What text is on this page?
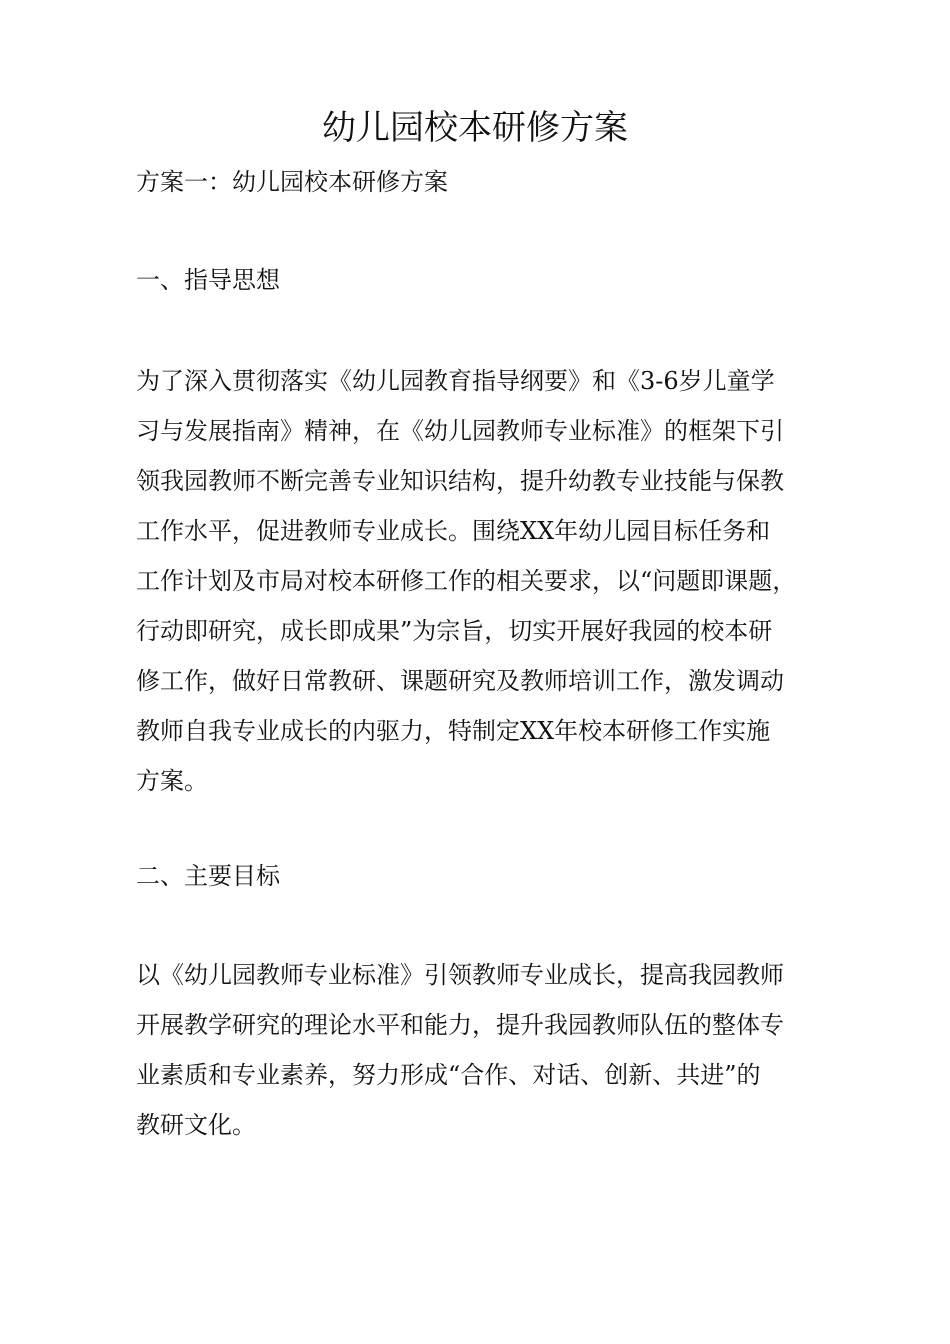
幼儿园校本研修方案

方案一：幼儿园校本研修方案

一、指导思想
为了深入贯彻落实《幼儿园教育指导纲要》和《3-6岁儿童学
习与发展指南》精神，在《幼儿园教师专业标准》的框架下引
领我园教师不断完善专业知识结构，提升幼教专业技能与保教
工作水平，促进教师专业成长。围绕XX年幼儿园目标任务和
工作计划及市局对校本研修工作的相关要求，以“问题即课题，
行动即研究，成长即成果”为宗旨，切实开展好我园的校本研
修工作，做好日常教研、课题研究及教师培训工作，激发调动
教师自我专业成长的内驱力，特制定XX年校本研修工作实施
方案。
二、主要目标
以《幼儿园教师专业标准》引领教师专业成长，提高我园教师
开展教学研究的理论水平和能力，提升我园教师队伍的整体专
业素质和专业素养，努力形成“合作、对话、创新、共进”的
教研文化。
